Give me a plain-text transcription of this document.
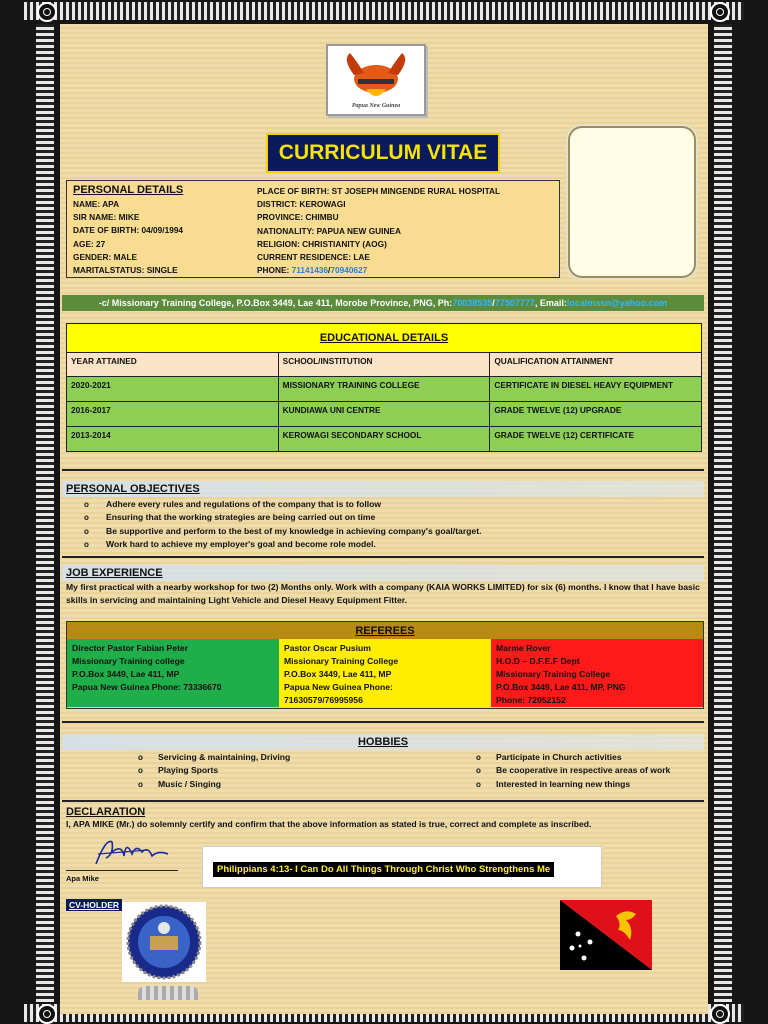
Papua New Guinea
CURRICULUM VITAE
PERSONAL DETAILS
NAME: APA
SIR NAME: MIKE
DATE OF BIRTH: 04/09/1994
AGE: 27
GENDER: MALE
MARITALSTATUS: SINGLE
PLACE OF BIRTH: ST JOSEPH MINGENDE RURAL HOSPITAL
DISTRICT: KEROWAGI
PROVINCE: CHIMBU
NATIONALITY: PAPUA NEW GUINEA
RELIGION: CHRISTIANITY (AOG)
CURRENT RESIDENCE: LAE
PHONE: 71141436/70940627
-c/ Missionary Training College, P.O.Box 3449, Lae 411, Morobe Province, PNG, Ph: 70038535 / 77507777 , Email: localmssn@yahoo.com
EDUCATIONAL DETAILS
YEAR ATTAINED	SCHOOL/INSTITUTION	QUALIFICATION ATTAINMENT
2020-2021	MISSIONARY TRAINING COLLEGE	CERTIFICATE IN DIESEL HEAVY EQUIPMENT
2016-2017	KUNDIAWA UNI CENTRE	GRADE TWELVE (12) UPGRADE
2013-2014	KEROWAGI SECONDARY SCHOOL	GRADE TWELVE (12) CERTIFICATE
PERSONAL OBJECTIVES
o Adhere every rules and regulations of the company that is to follow
o Ensuring that the working strategies are being carried out on time
o Be supportive and perform to the best of my knowledge in achieving company's goal/target.
o Work hard to achieve my employer's goal and become role model.
JOB EXPERIENCE
My first practical with a nearby workshop for two (2) Months only. Work with a company (KAIA WORKS LIMITED) for six (6) months. I know that I have basic skills in servicing and maintaining Light Vehicle and Diesel Heavy Equipment Fitter.
REFEREES
Director Pastor Fabian Peter
Missionary Training college
P.O.Box 3449, Lae 411, MP
Papua New Guinea Phone: 73336670
Pastor Oscar Pusium
Missionary Training College
P.O.Box 3449, Lae 411, MP
Papua New Guinea Phone:
71630579/76995956
Marme Rover
H.O.D – D.F.E.F Dept
Missionary Training College
P.O.Box 3449, Lae 411, MP, PNG
Phone: 72052152
HOBBIES
o Servicing & maintaining, Driving
o Playing Sports
o Music / Singing
o Participate in Church activities
o Be cooperative in respective areas of work
o Interested in learning new things
DECLARATION
I, APA MIKE (Mr.) do solemnly certify and confirm that the above information as stated is true, correct and complete as inscribed.
Apa Mike
CV-HOLDER
Philippians 4:13- I Can Do All Things Through Christ Who Strengthens Me
